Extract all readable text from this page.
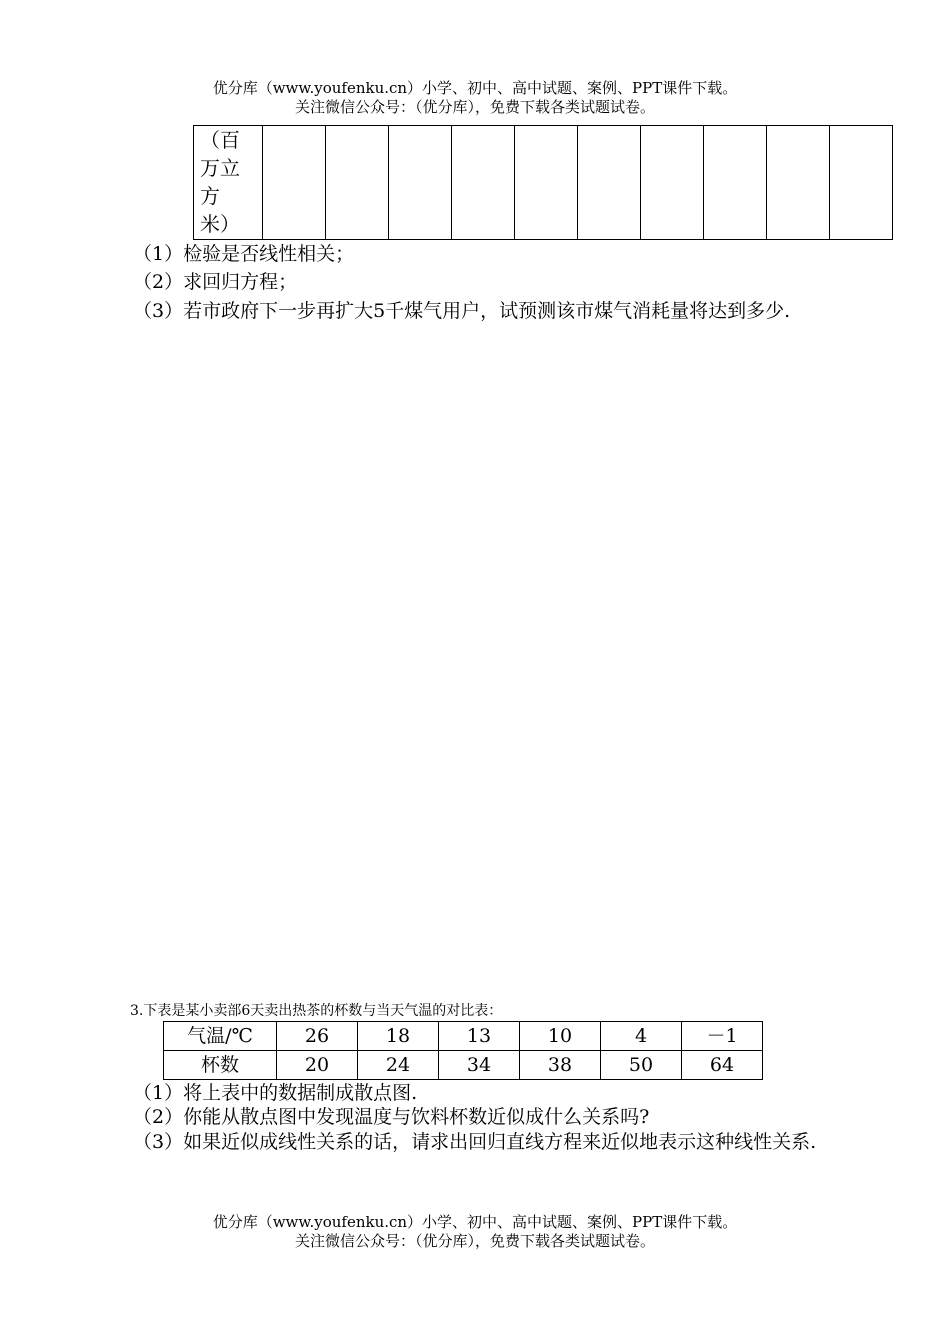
优分库（www.youfenku.cn）小学、初中、高中试题、案例、PPT课件下载。
关注微信公众号：（优分库），免费下载各类试题试卷。
（百
万立
方
米）

（1）检验是否线性相关；
（2）求回归方程；
（3）若市政府下一步再扩大5千煤气用户，试预测该市煤气消耗量将达到多少.
3.下表是某小卖部6天卖出热茶的杯数与当天气温的对比表：
气温/℃	26	18	13	10	4	－1
杯数	20	24	34	38	50	64
（1）将上表中的数据制成散点图.
（2）你能从散点图中发现温度与饮料杯数近似成什么关系吗?
（3）如果近似成线性关系的话，请求出回归直线方程来近似地表示这种线性关系.
优分库（www.youfenku.cn）小学、初中、高中试题、案例、PPT课件下载。
关注微信公众号：（优分库），免费下载各类试题试卷。
